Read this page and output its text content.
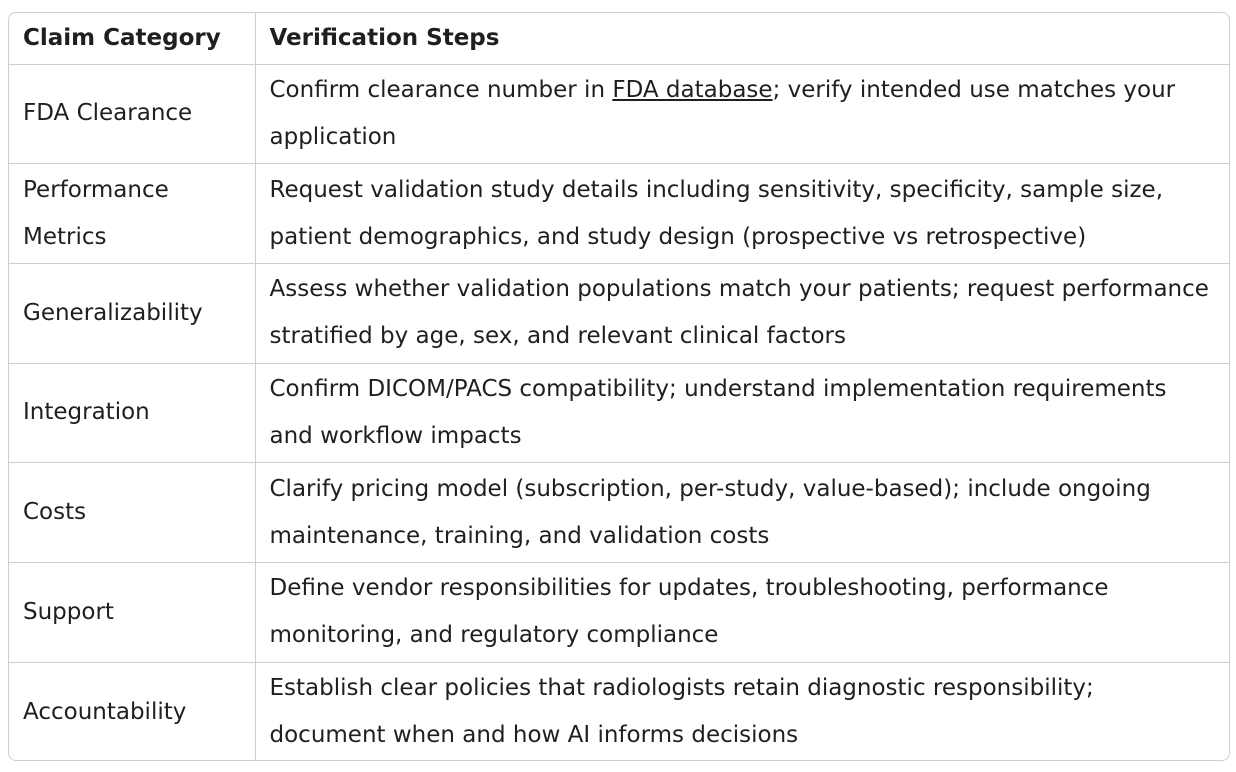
Claim Category	Verification Steps
FDA Clearance	Confirm clearance number in FDA database; verify intended use matches your application
Performance Metrics	Request validation study details including sensitivity, specificity, sample size, patient demographics, and study design (prospective vs retrospective)
Generalizability	Assess whether validation populations match your patients; request performance stratified by age, sex, and relevant clinical factors
Integration	Confirm DICOM/PACS compatibility; understand implementation requirements and workflow impacts
Costs	Clarify pricing model (subscription, per-study, value-based); include ongoing maintenance, training, and validation costs
Support	Define vendor responsibilities for updates, troubleshooting, performance monitoring, and regulatory compliance
Accountability	Establish clear policies that radiologists retain diagnostic responsibility; document when and how AI informs decisions
